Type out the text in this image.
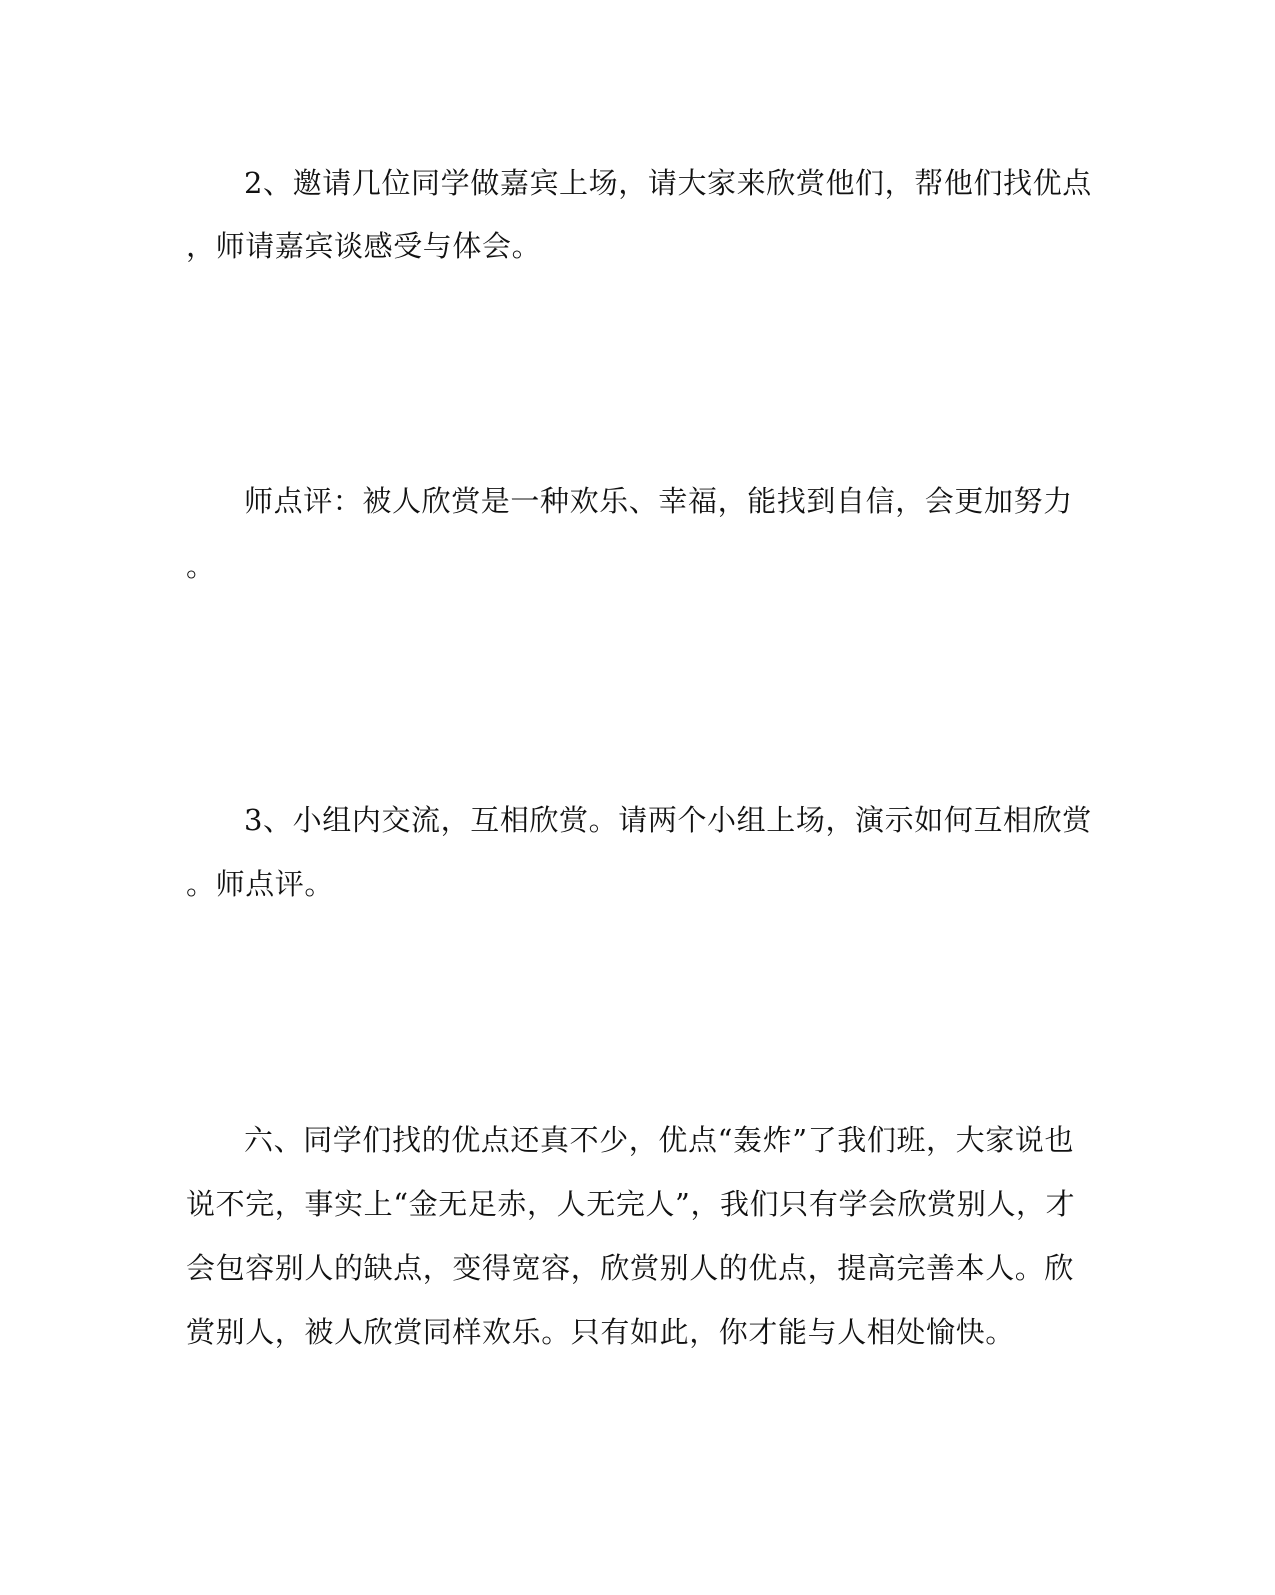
2、邀请几位同学做嘉宾上场，请大家来欣赏他们，帮他们找优点
，师请嘉宾谈感受与体会。
师点评：被人欣赏是一种欢乐、幸福，能找到自信，会更加努力
。
3、小组内交流，互相欣赏。请两个小组上场，演示如何互相欣赏
。师点评。
六、同学们找的优点还真不少，优点“轰炸”了我们班，大家说也
说不完，事实上“金无足赤，人无完人”，我们只有学会欣赏别人，才
会包容别人的缺点，变得宽容，欣赏别人的优点，提高完善本人。欣
赏别人，被人欣赏同样欢乐。只有如此，你才能与人相处愉快。
